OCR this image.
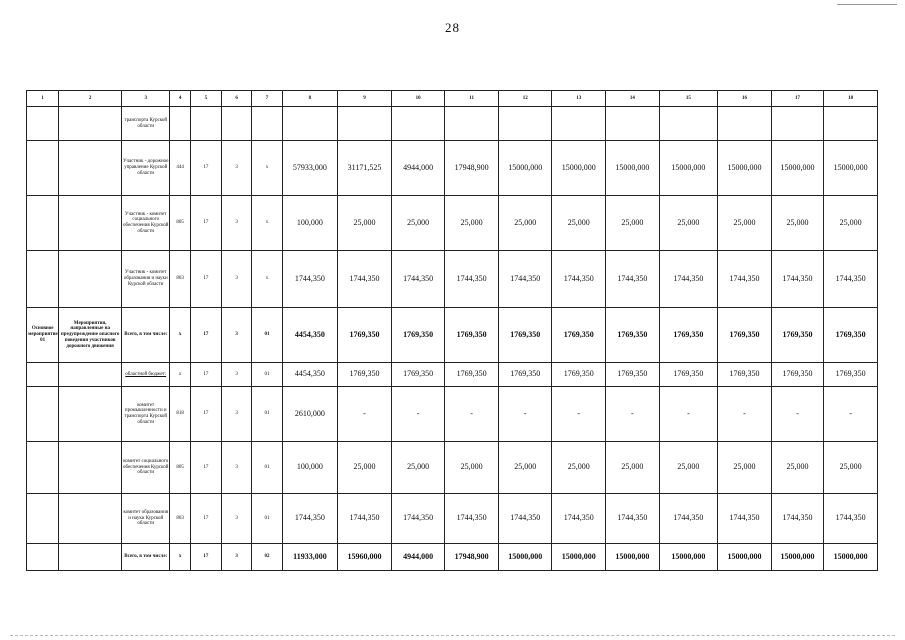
28
1	2	3	4	5	6	7	8	9	10	11	12	13	14	15	16	17	18
		транспорта Курской области															
		Участник - дорожное управление Курской области	444	17	3	х	57933,000	31171,525	4944,000	17948,900	15000,000	15000,000	15000,000	15000,000	15000,000	15000,000	15000,000
		Участник - комитет социального обеспечения Курской области	805	17	3	х	100,000	25,000	25,000	25,000	25,000	25,000	25,000	25,000	25,000	25,000	25,000
		Участник - комитет образования и науки Курской области	803	17	3	х	1744,350	1744,350	1744,350	1744,350	1744,350	1744,350	1744,350	1744,350	1744,350	1744,350	1744,350
Основное мероприятие 01	Мероприятия, направленные на предупреждение опасного поведения участников дорожного движения	Всего, в том числе:	х	17	3	01	4454,350	1769,350	1769,350	1769,350	1769,350	1769,350	1769,350	1769,350	1769,350	1769,350	1769,350
		областной бюджет:	х	17	3	01	4454,350	1769,350	1769,350	1769,350	1769,350	1769,350	1769,350	1769,350	1769,350	1769,350	1769,350
		комитет промышленности и транспорта Курской области	818	17	3	01	2610,000	-	-	-	-	-	-	-	-	-	-
		комитет социального обеспечения Курской области	805	17	3	01	100,000	25,000	25,000	25,000	25,000	25,000	25,000	25,000	25,000	25,000	25,000
		комитет образования и науки Курской области	803	17	3	01	1744,350	1744,350	1744,350	1744,350	1744,350	1744,350	1744,350	1744,350	1744,350	1744,350	1744,350
		Всего, в том числе:	х	17	3	02	11933,000	15960,000	4944,000	17948,900	15000,000	15000,000	15000,000	15000,000	15000,000	15000,000	15000,000
